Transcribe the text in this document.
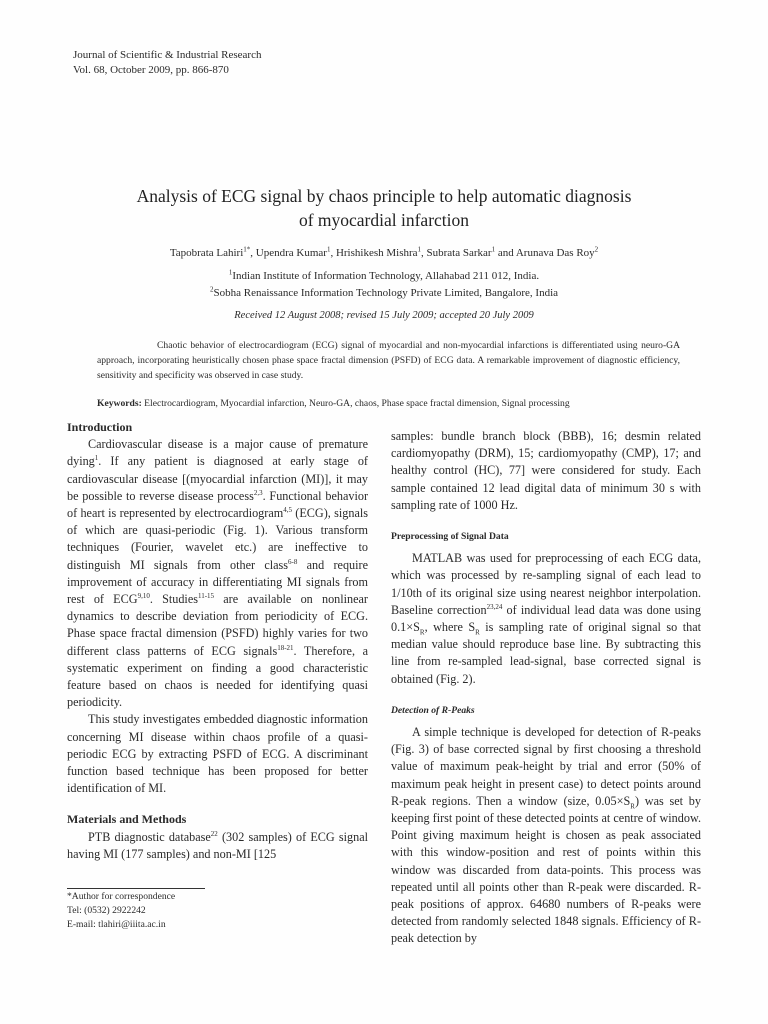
Journal of Scientific & Industrial Research
Vol. 68, October 2009, pp. 866-870
Analysis of ECG signal by chaos principle to help automatic diagnosis
of myocardial infarction
Tapobrata Lahiri$^{1*}$, Upendra Kumar$^1$, Hrishikesh Mishra$^1$, Subrata Sarkar$^1$ and Arunava Das Roy$^2$
$^1$Indian Institute of Information Technology, Allahabad 211 012, India.
$^2$Sobha Renaissance Information Technology Private Limited, Bangalore, India
Received 12 August 2008; revised 15 July 2009; accepted 20 July 2009
Chaotic behavior of electrocardiogram (ECG) signal of myocardial and non-myocardial infarctions is differentiated using neuro-GA approach, incorporating heuristically chosen phase space fractal dimension (PSFD) of ECG data. A remarkable improvement of diagnostic efficiency, sensitivity and specificity was observed in case study.
Keywords: Electrocardiogram, Myocardial infarction, Neuro-GA, chaos, Phase space fractal dimension, Signal processing
Introduction

Cardiovascular disease is a major cause of premature dying$^1$. If any patient is diagnosed at early stage of cardiovascular disease [(myocardial infarction (MI)], it may be possible to reverse disease process$^{2,3}$. Functional behavior of heart is represented by electrocardiogram$^{4,5}$ (ECG), signals of which are quasi-periodic (Fig. 1). Various transform techniques (Fourier, wavelet etc.) are ineffective to distinguish MI signals from other class$^{6-8}$ and require improvement of accuracy in differentiating MI signals from rest of ECG$^{9,10}$. Studies$^{11-15}$ are available on nonlinear dynamics to describe deviation from periodicity of ECG. Phase space fractal dimension (PSFD) highly varies for two different class patterns of ECG signals$^{18-21}$. Therefore, a systematic experiment on finding a good characteristic feature based on chaos is needed for identifying quasi periodicity.

This study investigates embedded diagnostic information concerning MI disease within chaos profile of a quasi-periodic ECG by extracting PSFD of ECG. A discriminant function based technique has been proposed for better identification of MI.

Materials and Methods

PTB diagnostic database$^{22}$ (302 samples) of ECG signal having MI (177 samples) and non-MI [125

*Author for correspondence
Tel: (0532) 2922242
E-mail: tlahiri@iiita.ac.in

samples: bundle branch block (BBB), 16; desmin related cardiomyopathy (DRM), 15; cardiomyopathy (CMP), 17; and healthy control (HC), 77] were considered for study. Each sample contained 12 lead digital data of minimum 30 s with sampling rate of 1000 Hz.

Preprocessing of Signal Data

MATLAB was used for preprocessing of each ECG data, which was processed by re-sampling signal of each lead to 1/10th of its original size using nearest neighbor interpolation. Baseline correction$^{23,24}$ of individual lead data was done using $0.1\times S_R$, where $S_R$ is sampling rate of original signal so that median value should reproduce base line. By subtracting this line from re-sampled lead-signal, base corrected signal is obtained (Fig. 2).

Detection of R-Peaks

A simple technique is developed for detection of R-peaks (Fig. 3) of base corrected signal by first choosing a threshold value of maximum peak-height by trial and error (50% of maximum peak height in present case) to detect points around R-peak regions. Then a window (size, $0.05\times S_R$) was set by keeping first point of these detected points at centre of window. Point giving maximum height is chosen as peak associated with this window-position and rest of points within this window was discarded from data-points. This process was repeated until all points other than R-peak were discarded. R-peak positions of approx. 64680 numbers of R-peaks were detected from randomly selected 1848 signals. Efficiency of R-peak detection by
